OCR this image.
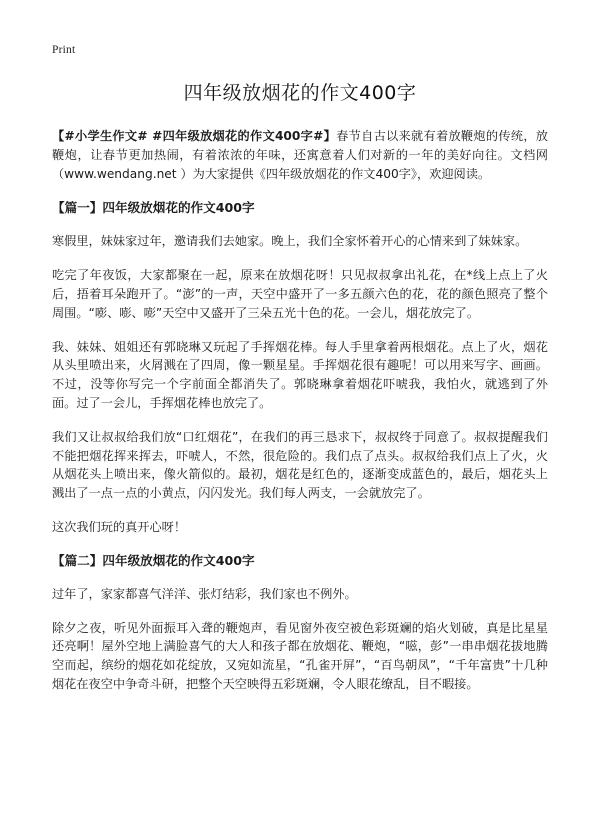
Print
四年级放烟花的作文400字

【#小学生作文# #四年级放烟花的作文400字#】春节自古以来就有着放鞭炮的传统，放鞭炮，让春节更加热闹，有着浓浓的年味，还寓意着人们对新的一年的美好向往。文档网（www.wendang.net ）为大家提供《四年级放烟花的作文400字》，欢迎阅读。

【篇一】四年级放烟花的作文400字

寒假里，妹妹家过年，邀请我们去她家。晚上，我们全家怀着开心的心情来到了妹妹家。

吃完了年夜饭，大家都聚在一起，原来在放烟花呀！只见叔叔拿出礼花，在*线上点上了火后，捂着耳朵跑开了。“澎”的一声，天空中盛开了一多五颜六色的花，花的颜色照亮了整个周围。“嘭、嘭、嘭”天空中又盛开了三朵五光十色的花。一会儿，烟花放完了。

我、妹妹、姐姐还有郭晓琳又玩起了手挥烟花棒。每人手里拿着两根烟花。点上了火，烟花从头里喷出来，火屑溅在了四周，像一颗星星。手挥烟花很有趣呢！可以用来写字、画画。不过，没等你写完一个字前面全都消失了。郭晓琳拿着烟花吓唬我，我怕火，就逃到了外面。过了一会儿，手挥烟花棒也放完了。

我们又让叔叔给我们放“口红烟花”，在我们的再三恳求下，叔叔终于同意了。叔叔提醒我们不能把烟花挥来挥去，吓唬人，不然，很危险的。我们点了点头。叔叔给我们点上了火，火从烟花头上喷出来，像火箭似的。最初，烟花是红色的，逐渐变成蓝色的，最后，烟花头上溅出了一点一点的小黄点，闪闪发光。我们每人两支，一会就放完了。

这次我们玩的真开心呀！

【篇二】四年级放烟花的作文400字

过年了，家家都喜气洋洋、张灯结彩，我们家也不例外。

除夕之夜，听见外面振耳入聋的鞭炮声，看见窗外夜空被色彩斑斓的焰火划破，真是比星星还亮啊！屋外空地上满脸喜气的大人和孩子都在放烟花、鞭炮，“嗞，彭”一串串烟花拔地腾空而起，缤纷的烟花如花绽放，又宛如流星，“孔雀开屏”，“百鸟朝凤”，“千年富贵”十几种烟花在夜空中争奇斗研，把整个天空映得五彩斑斓，令人眼花缭乱，目不暇接。
